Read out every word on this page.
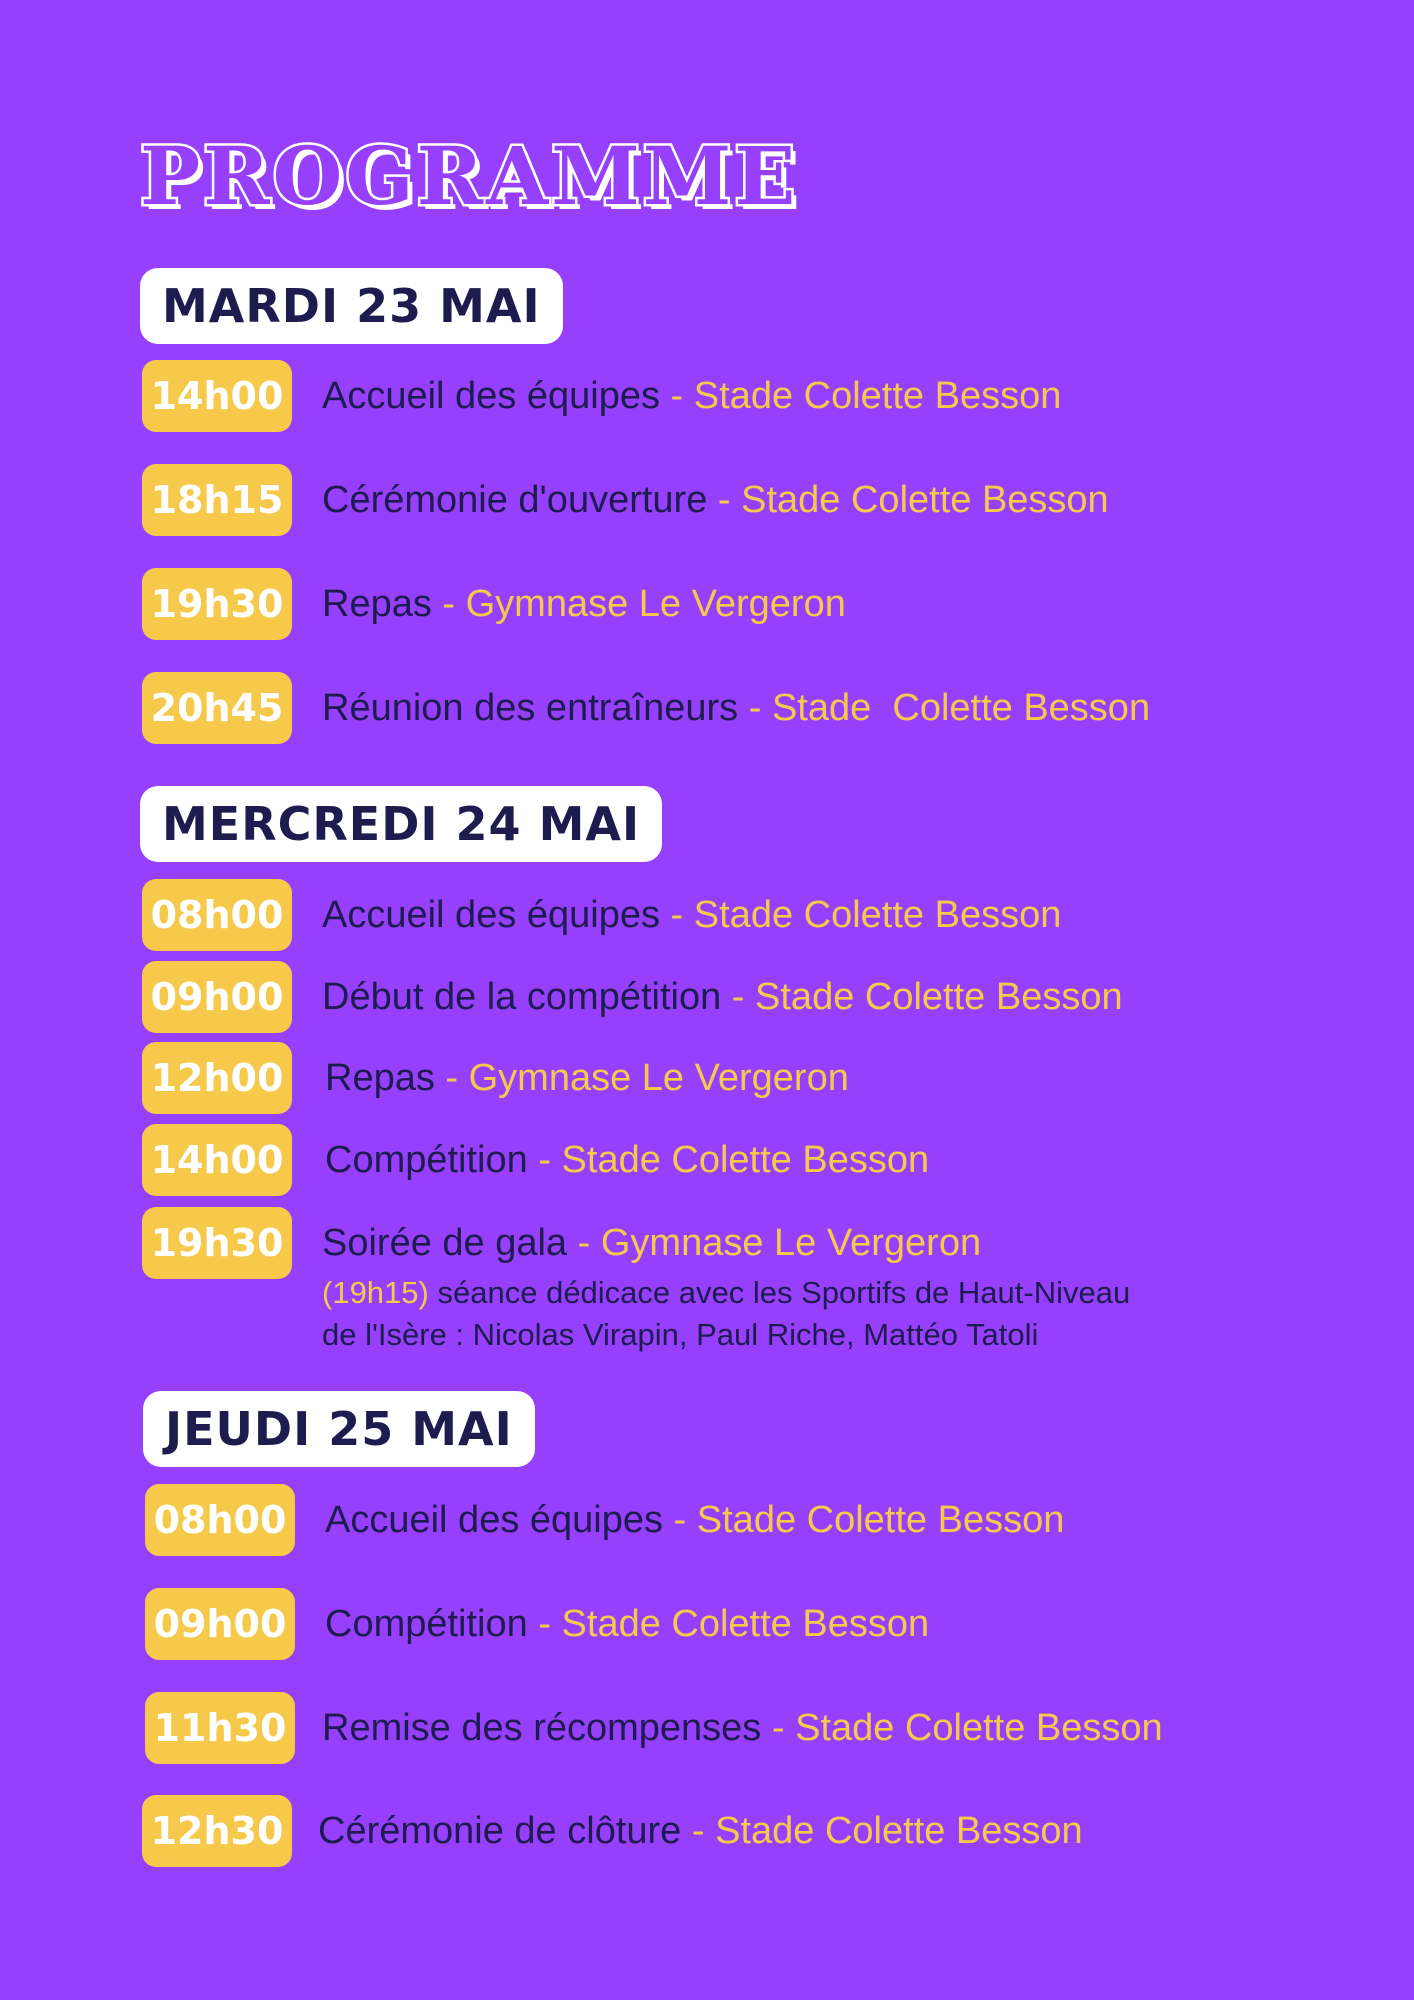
PROGRAMME
MARDI 23 MAI
14h00 Accueil des équipes - Stade Colette Besson
18h15 Cérémonie d'ouverture - Stade Colette Besson
19h30 Repas - Gymnase Le Vergeron
20h45 Réunion des entraîneurs - Stade  Colette Besson
MERCREDI 24 MAI
08h00 Accueil des équipes - Stade Colette Besson
09h00 Début de la compétition - Stade Colette Besson
12h00 Repas - Gymnase Le Vergeron
14h00 Compétition - Stade Colette Besson
19h30 Soirée de gala - Gymnase Le Vergeron
(19h15) séance dédicace avec les Sportifs de Haut-Niveau
de l'Isère : Nicolas Virapin, Paul Riche, Mattéo Tatoli
JEUDI 25 MAI
08h00 Accueil des équipes - Stade Colette Besson
09h00 Compétition - Stade Colette Besson
11h30 Remise des récompenses - Stade Colette Besson
12h30 Cérémonie de clôture - Stade Colette Besson
